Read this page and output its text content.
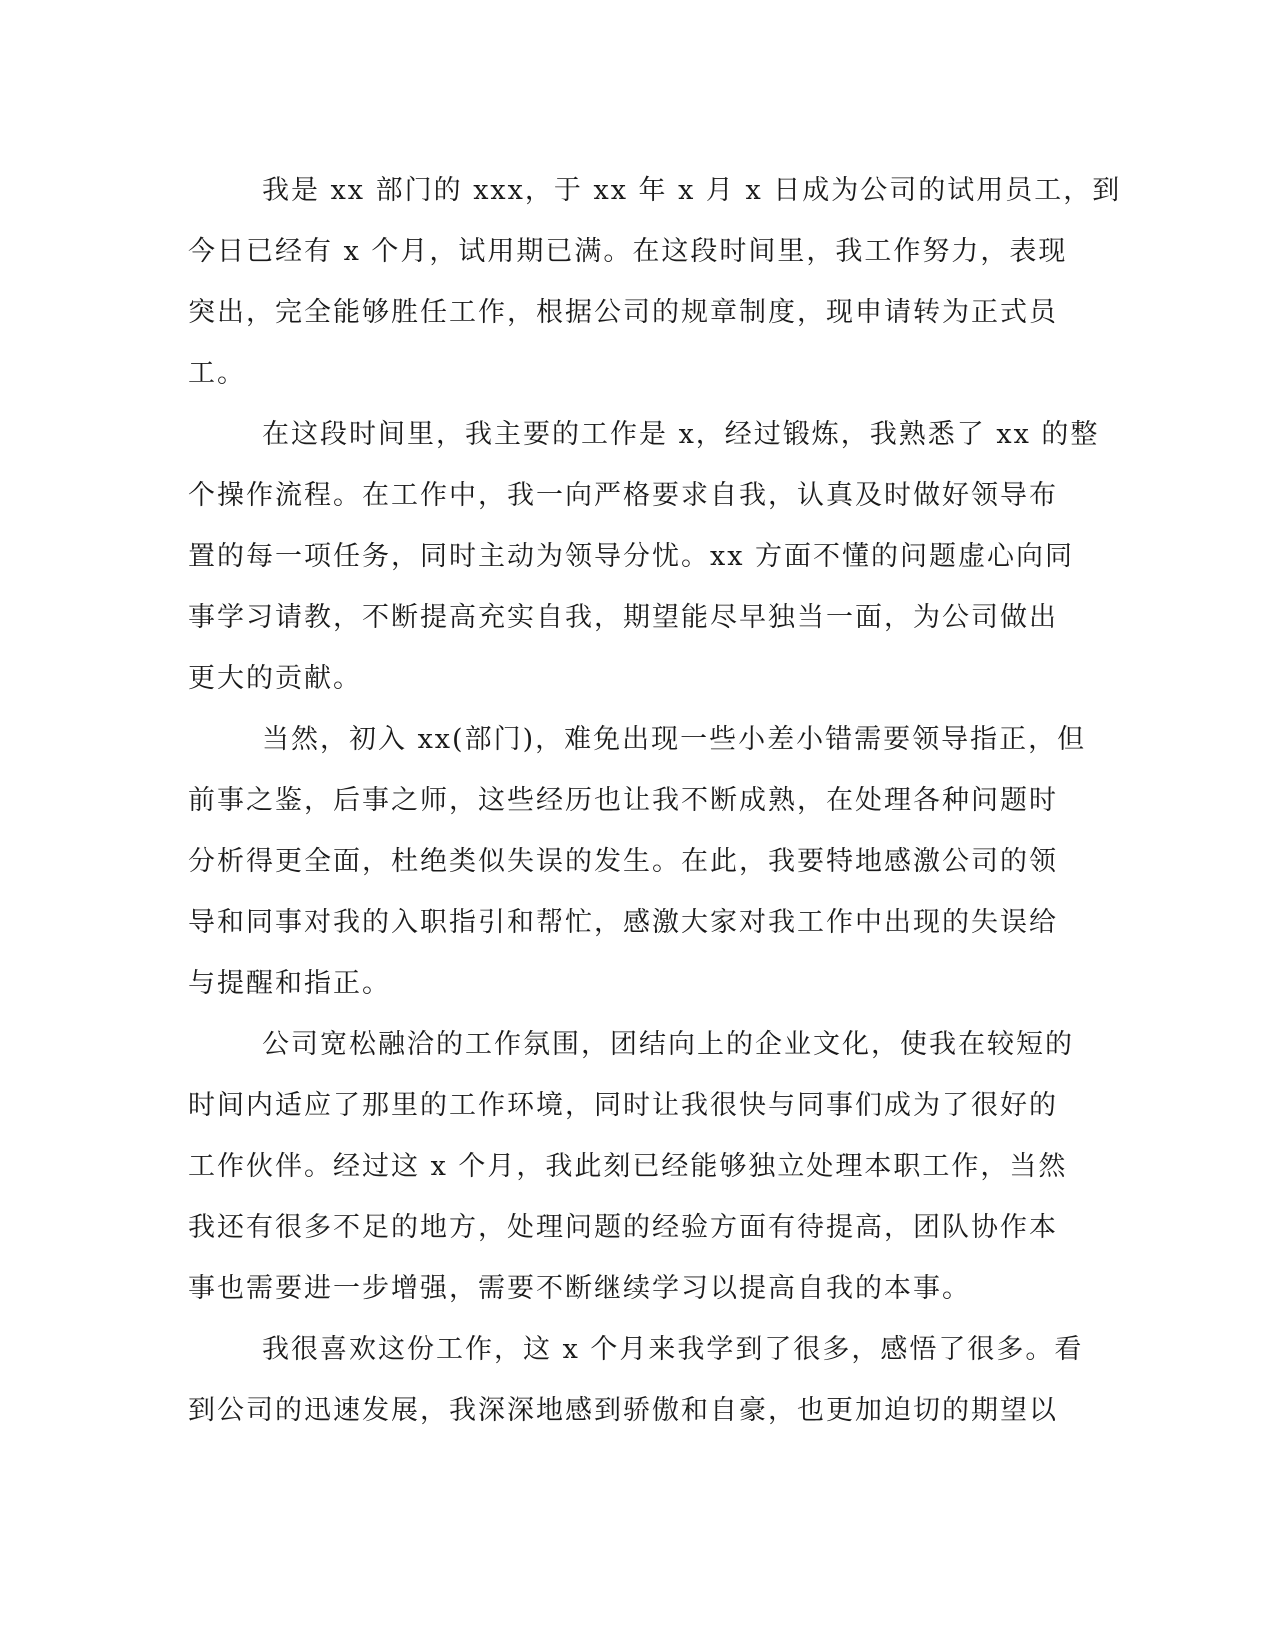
我是 xx 部门的 xxx，于 xx 年 x 月 x 日成为公司的试用员工，到
今日已经有 x 个月，试用期已满。在这段时间里，我工作努力，表现
突出，完全能够胜任工作，根据公司的规章制度，现申请转为正式员
工。
在这段时间里，我主要的工作是 x，经过锻炼，我熟悉了 xx 的整
个操作流程。在工作中，我一向严格要求自我，认真及时做好领导布
置的每一项任务，同时主动为领导分忧。xx 方面不懂的问题虚心向同
事学习请教，不断提高充实自我，期望能尽早独当一面，为公司做出
更大的贡献。
当然，初入 xx(部门)，难免出现一些小差小错需要领导指正，但
前事之鉴，后事之师，这些经历也让我不断成熟，在处理各种问题时
分析得更全面，杜绝类似失误的发生。在此，我要特地感激公司的领
导和同事对我的入职指引和帮忙，感激大家对我工作中出现的失误给
与提醒和指正。
公司宽松融洽的工作氛围，团结向上的企业文化，使我在较短的
时间内适应了那里的工作环境，同时让我很快与同事们成为了很好的
工作伙伴。经过这 x 个月，我此刻已经能够独立处理本职工作，当然
我还有很多不足的地方，处理问题的经验方面有待提高，团队协作本
事也需要进一步增强，需要不断继续学习以提高自我的本事。
我很喜欢这份工作，这 x 个月来我学到了很多，感悟了很多。看
到公司的迅速发展，我深深地感到骄傲和自豪，也更加迫切的期望以
